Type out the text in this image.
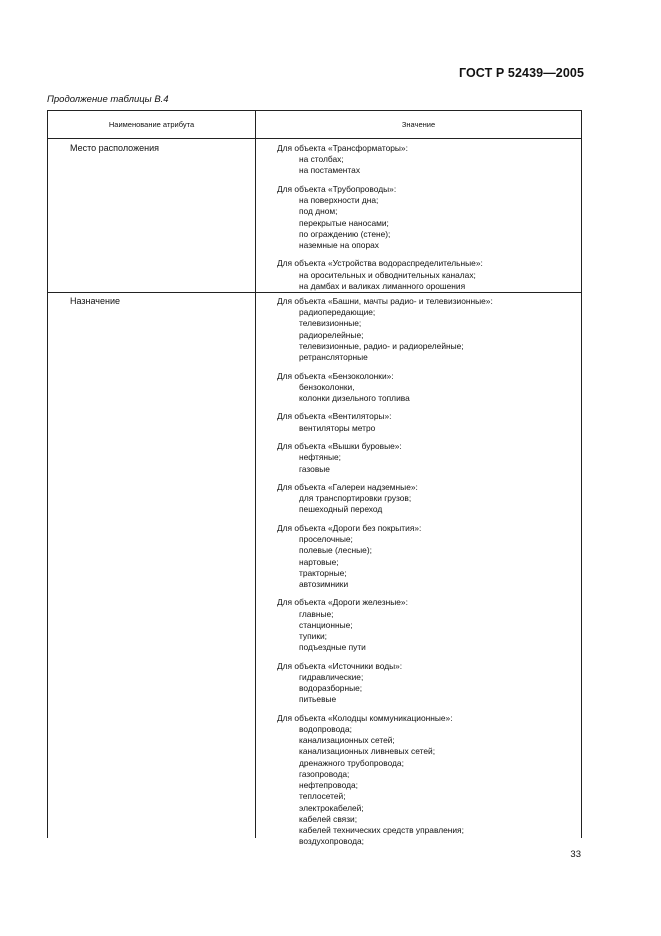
ГОСТ Р 52439—2005
Продолжение таблицы В.4
Наименование атрибута	Значение
Место расположения	Для объекта «Трансформаторы»:

на столбах;

на постаментах

Для объекта «Трубопроводы»:

на поверхности дна;

под дном;

перекрытые наносами;

по ограждению (стене);

наземные на опорах

Для объекта «Устройства водораспределительные»:

на оросительных и обводнительных каналах;

на дамбах и валиках лиманного орошения

Назначение	Для объекта «Башни, мачты радио- и телевизионные»:

радиопередающие;

телевизионные;

радиорелейные;

телевизионные, радио- и радиорелейные;

ретрансляторные

Для объекта «Бензоколонки»:

бензоколонки,

колонки дизельного топлива

Для объекта «Вентиляторы»:

вентиляторы метро

Для объекта «Вышки буровые»:

нефтяные;

газовые

Для объекта «Галереи надземные»:

для транспортировки грузов;

пешеходный переход

Для объекта «Дороги без покрытия»:

проселочные;

полевые (лесные);

нартовые;

тракторные;

автозимники

Для объекта «Дороги железные»:

главные;

станционные;

тупики;

подъездные пути

Для объекта «Источники воды»:

гидравлические;

водоразборные;

питьевые

Для объекта «Колодцы коммуникационные»:

водопровода;

канализационных сетей;

канализационных ливневых сетей;

дренажного трубопровода;

газопровода;

нефтепровода;

теплосетей;

электрокабелей;

кабелей связи;

кабелей технических средств управления;

воздухопровода;

33
